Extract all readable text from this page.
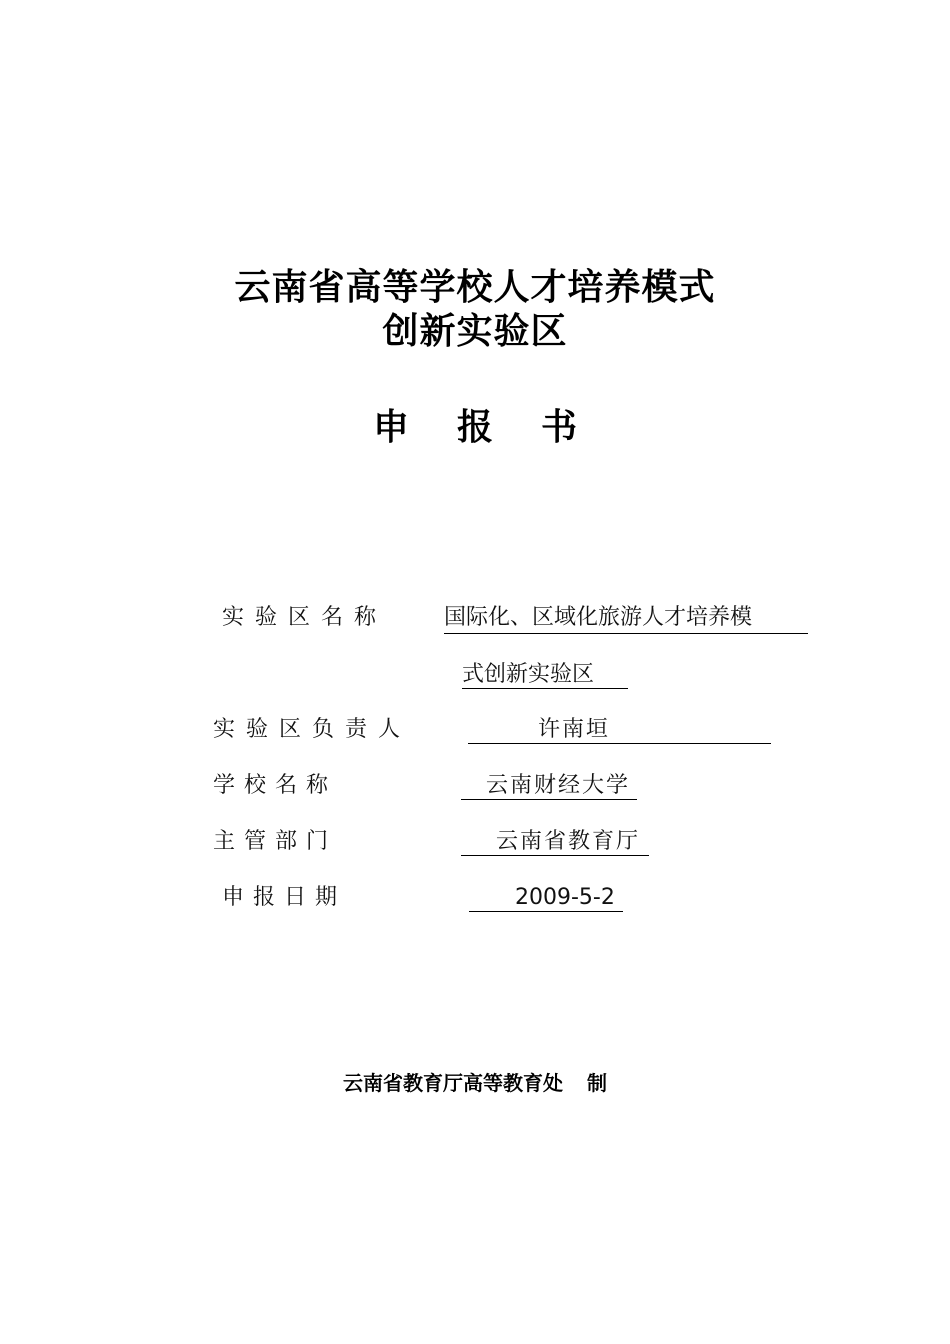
云南省高等学校人才培养模式
创新实验区
申报书
实 验 区 名 称	国际化、区域化旅游人才培养模
式创新实验区
实 验 区 负 责 人	许南垣
学 校 名 称	云南财经大学
主 管 部 门	云南省教育厅
申 报 日 期	2009-5-2
云南省教育厅高等教育处 制
